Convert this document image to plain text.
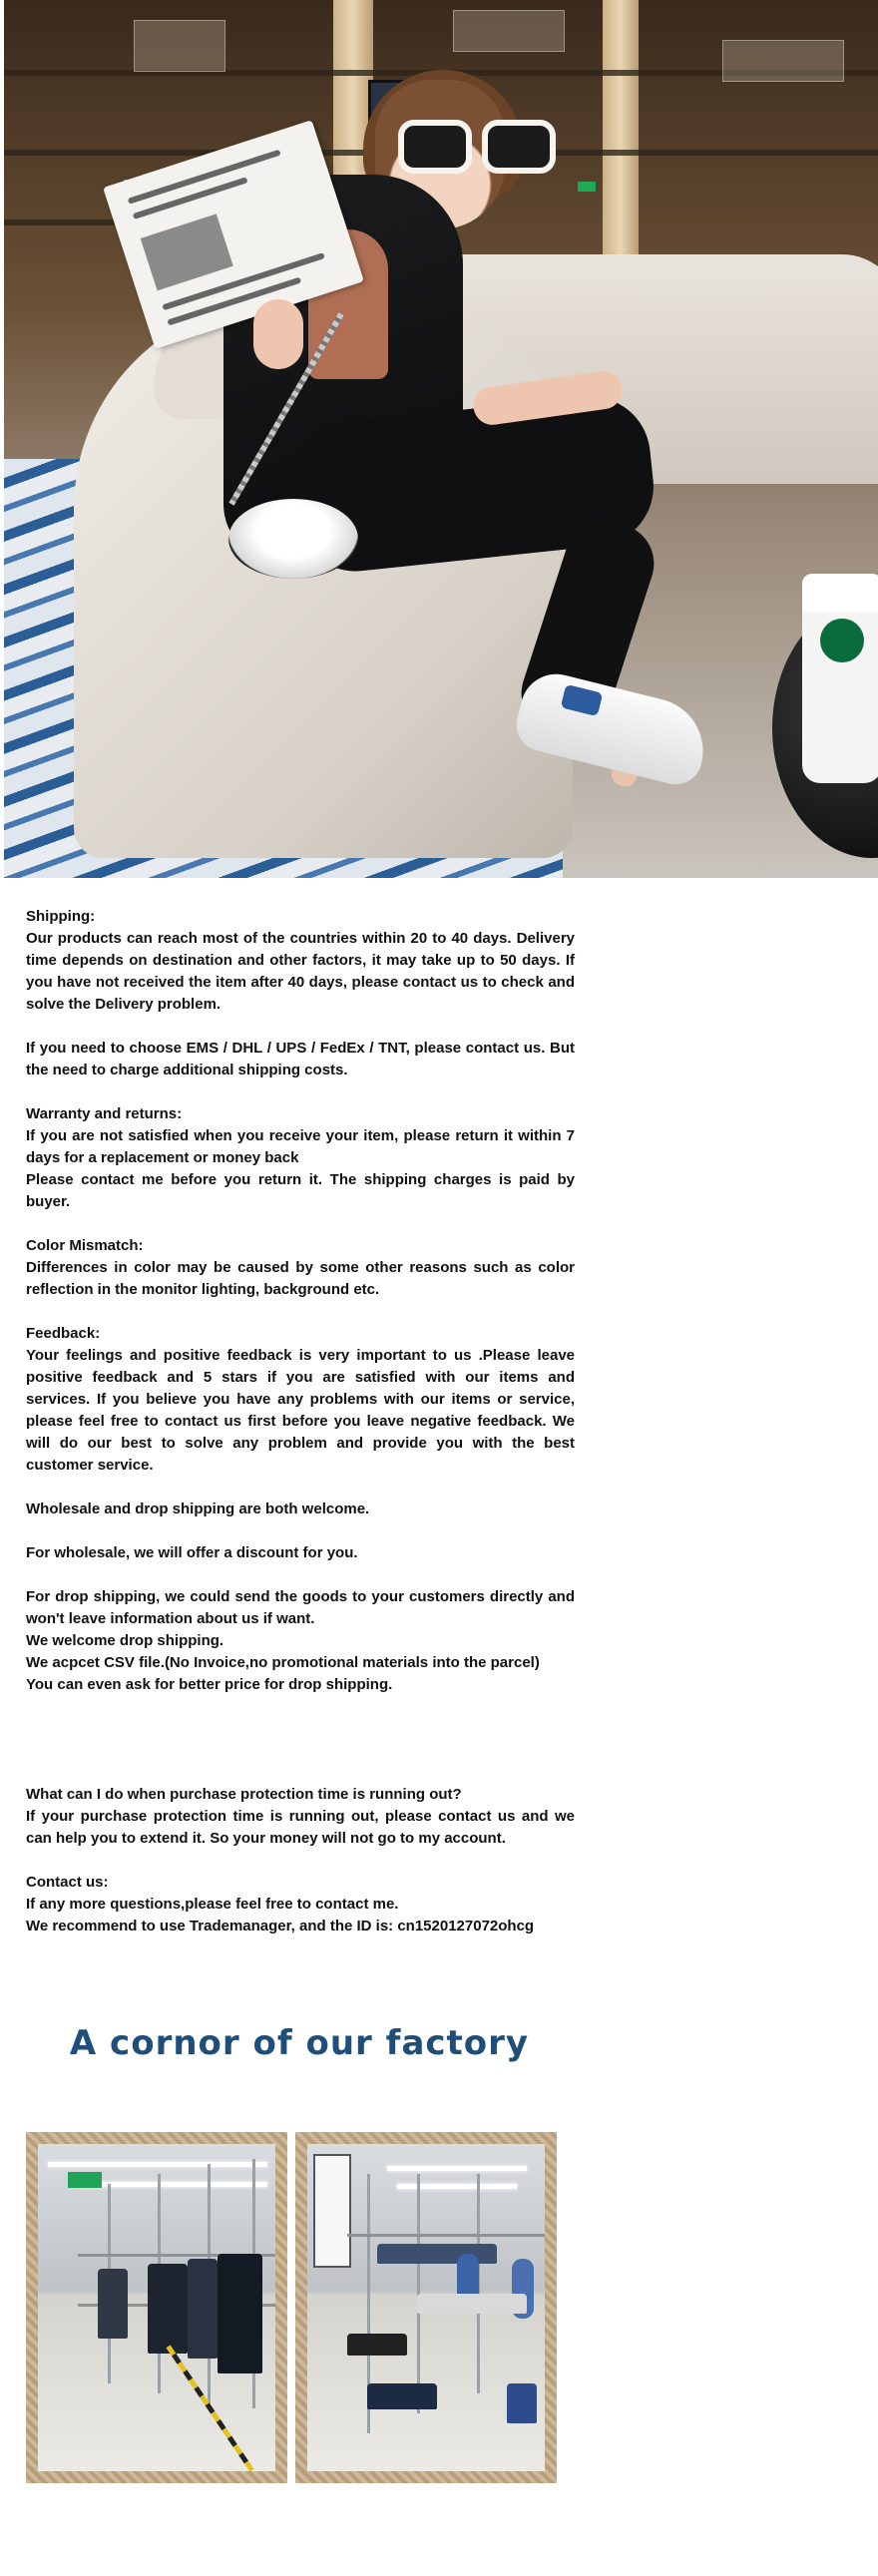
Shipping:

Our products can reach most of the countries within 20 to 40 days. Delivery time depends on destination and other factors, it may take up to 50 days. If you have not received the item after 40 days, please contact us to check and solve the Delivery problem.

If you need to choose EMS / DHL / UPS / FedEx / TNT, please contact us. But the need to charge additional shipping costs.

Warranty and returns:

If you are not satisfied when you receive your item, please return it within 7 days for a replacement or money back

Please contact me before you return it. The shipping charges is paid by buyer.

Color Mismatch:

Differences in color may be caused by some other reasons such as color reflection in the monitor lighting, background etc.

Feedback:

Your feelings and positive feedback is very important to us .Please leave positive feedback and 5 stars if you are satisfied with our items and services. If you believe you have any problems with our items or service, please feel free to contact us first before you leave negative feedback. We will do our best to solve any problem and provide you with the best customer service.

Wholesale and drop shipping are both welcome.

For wholesale, we will offer a discount for you.

For drop shipping, we could send the goods to your customers directly and won't leave information about us if want.

We welcome drop shipping.

We acpcet CSV file.(No Invoice,no promotional materials into the parcel)

You can even ask for better price for drop shipping.

What can I do when purchase protection time is running out?

If your purchase protection time is running out, please contact us and we can help you to extend it. So your money will not go to my account.

Contact us:

If any more questions,please feel free to contact me.

We recommend to use Trademanager, and the ID is: cn1520127072ohcg

A cornor of our factory
